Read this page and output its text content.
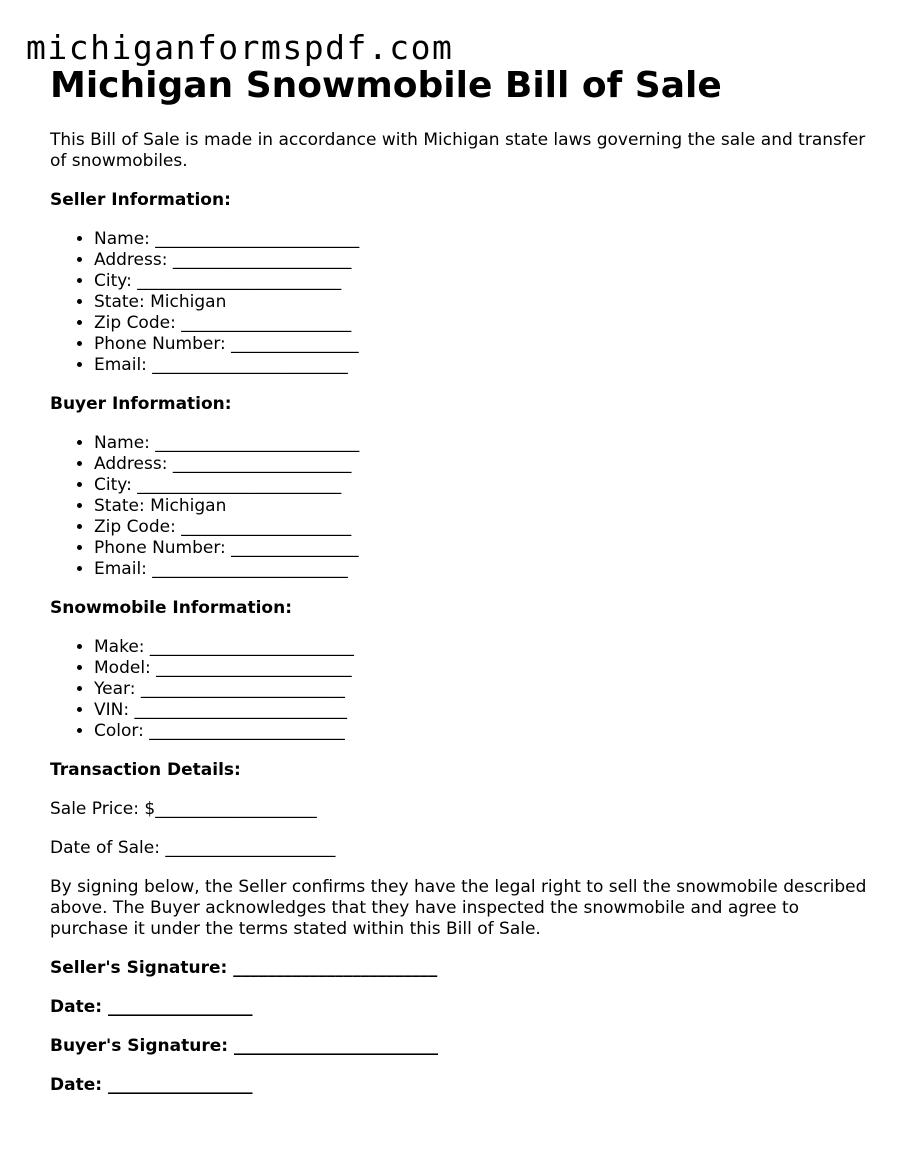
michiganformspdf.com
Michigan Snowmobile Bill of Sale

This Bill of Sale is made in accordance with Michigan state laws governing the sale and transfer of snowmobiles.

Seller Information:

• Name: ________________________
• Address: _____________________
• City: ________________________
• State: Michigan
• Zip Code: ____________________
• Phone Number: _______________
• Email: _______________________

Buyer Information:

• Name: ________________________
• Address: _____________________
• City: ________________________
• State: Michigan
• Zip Code: ____________________
• Phone Number: _______________
• Email: _______________________

Snowmobile Information:

• Make: ________________________
• Model: _______________________
• Year: ________________________
• VIN: _________________________
• Color: _______________________

Transaction Details:

Sale Price: $___________________

Date of Sale: ____________________

By signing below, the Seller confirms they have the legal right to sell the snowmobile described above. The Buyer acknowledges that they have inspected the snowmobile and agree to purchase it under the terms stated within this Bill of Sale.

Seller's Signature: ________________________

Date: _________________

Buyer's Signature: ________________________

Date: _________________
